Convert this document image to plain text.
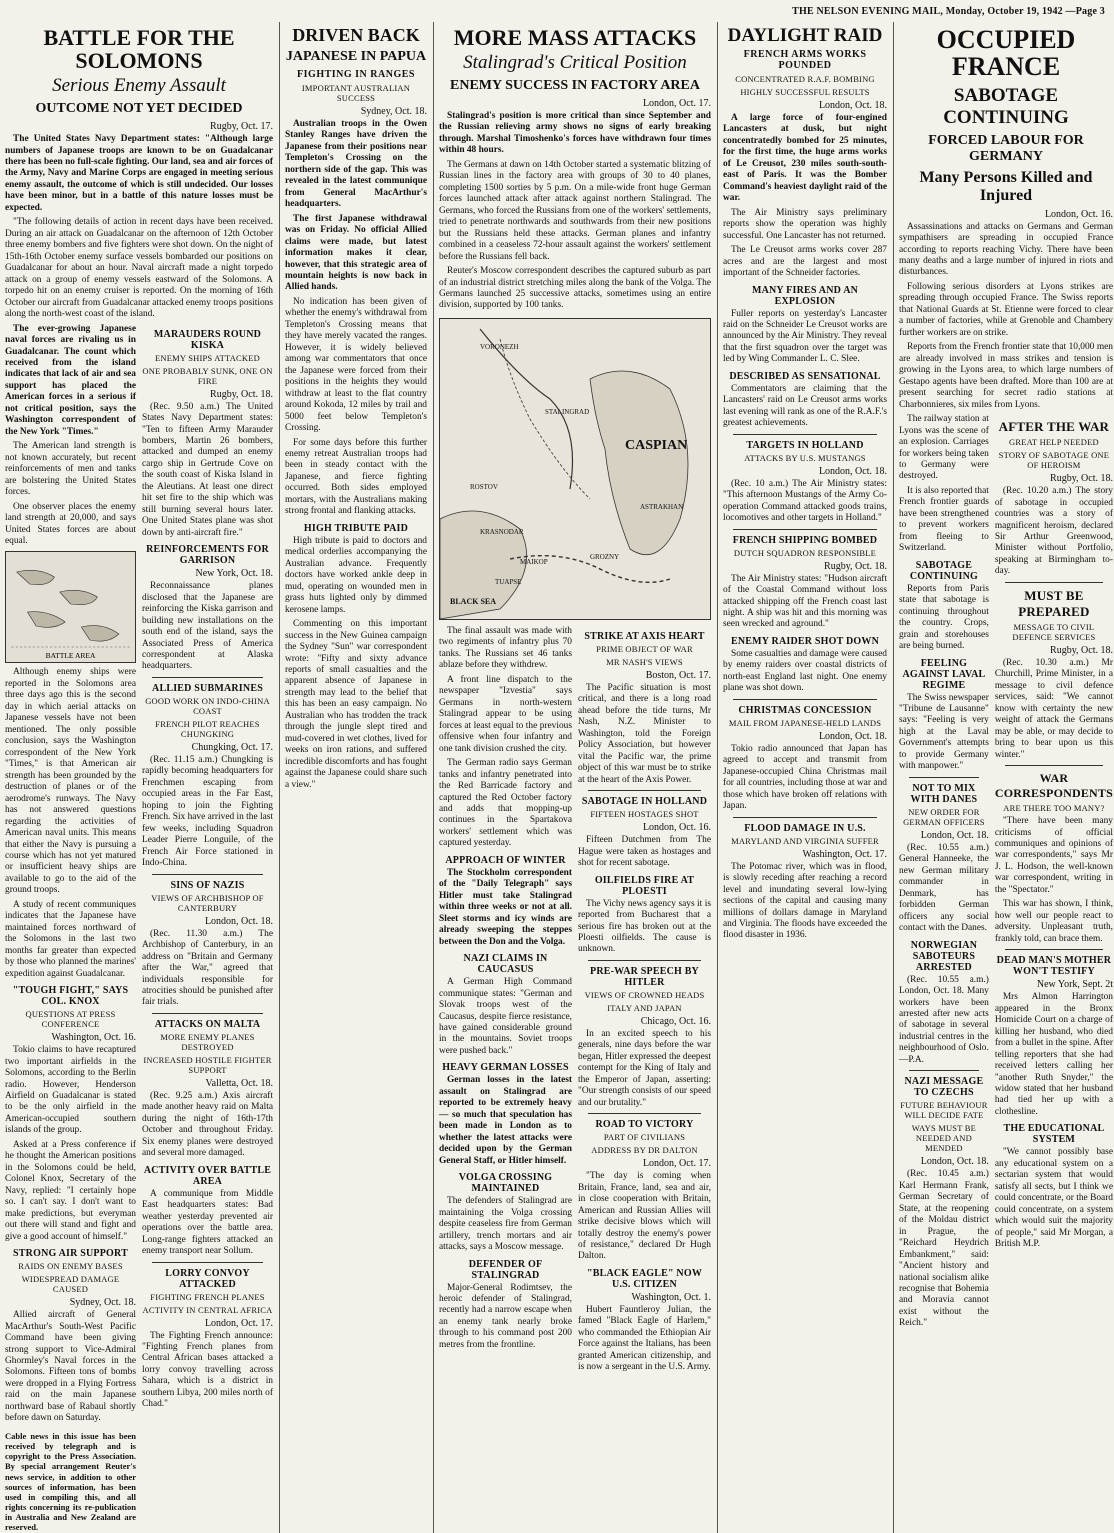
THE NELSON EVENING MAIL, Monday, October 19, 1942 —Page 3
BATTLE FOR THE SOLOMONS
Serious Enemy Assault
OUTCOME NOT YET DECIDED
Rugby, Oct. 17.

The United States Navy Department states: "Although large numbers of Japanese troops are known to be on Guadalcanar there has been no full-scale fighting. Our land, sea and air forces of the Army, Navy and Marine Corps are engaged in meeting serious enemy assault, the outcome of which is still undecided. Our losses have been minor, but in a battle of this nature losses must be expected.

"The following details of action in recent days have been received. During an air attack on Guadalcanar on the afternoon of 12th October three enemy bombers and five fighters were shot down. On the night of 15th-16th October enemy surface vessels bombarded our positions on Guadalcanar for about an hour. Naval aircraft made a night torpedo attack on a group of enemy vessels eastward of the Solomons. A torpedo hit on an enemy cruiser is reported. On the morning of 16th October our aircraft from Guadalcanar attacked enemy troops positions along the north-west coast of the island.

The ever-growing Japanese naval forces are rivaling us in Guadalcanar. The count which received from the island indicates that lack of air and sea support has placed the American forces in a serious if not critical position, says the Washington correspondent of the New York "Times."

The American land strength is not known accurately, but recent reinforcements of men and tanks are bolstering the United States forces.

One observer places the enemy land strength at 20,000, and says United States forces are about equal.

BATTLE AREA

Although enemy ships were reported in the Solomons area three days ago this is the second day in which aerial attacks on Japanese vessels have not been mentioned. The only possible conclusion, says the Washington correspondent of the New York "Times," is that American air strength has been grounded by the destruction of planes or of the aerodrome's runways. The Navy has not answered questions regarding the activities of American naval units. This means that either the Navy is pursuing a course which has not yet matured or insufficient heavy ships are available to go to the aid of the ground troops.

A study of recent communiques indicates that the Japanese have maintained forces northward of the Solomons in the last two months far greater than expected by those who planned the marines' expedition against Guadalcanar.

"TOUGH FIGHT," SAYS COL. KNOX
QUESTIONS AT PRESS CONFERENCE
Washington, Oct. 16.

Tokio claims to have recaptured two important airfields in the Solomons, according to the Berlin radio. However, Henderson Airfield on Guadalcanar is stated to be the only airfield in the American-occupied southern islands of the group.

Asked at a Press conference if he thought the American positions in the Solomons could be held, Colonel Knox, Secretary of the Navy, replied: "I certainly hope so. I can't say. I don't want to make predictions, but everyman out there will stand and fight and give a good account of himself."

STRONG AIR SUPPORT
RAIDS ON ENEMY BASES
WIDESPREAD DAMAGE CAUSED
Sydney, Oct. 18.

Allied aircraft of General MacArthur's South-West Pacific Command have been giving strong support to Vice-Admiral Ghormley's Naval forces in the Solomons. Fifteen tons of bombs were dropped in a Flying Fortress raid on the main Japanese northward base of Rabaul shortly before dawn on Saturday.

Cable news in this issue has been received by telegraph and is copyright to the Press Association. By special arrangement Reuter's news service, in addition to other sources of information, has been used in compiling this, and all rights concerning its re-publication in Australia and New Zealand are reserved.
MARAUDERS ROUND KISKA
ENEMY SHIPS ATTACKED
ONE PROBABLY SUNK, ONE ON FIRE
Rugby, Oct. 18.

(Rec. 9.50 a.m.) The United States Navy Department states: "Ten to fifteen Army Marauder bombers, Martin 26 bombers, attacked and dumped an enemy cargo ship in Gertrude Cove on the south coast of Kiska Island in the Aleutians. At least one direct hit set fire to the ship which was still burning several hours later. One United States plane was shot down by anti-aircraft fire."

REINFORCEMENTS FOR GARRISON
New York, Oct. 18.

Reconnaissance planes disclosed that the Japanese are reinforcing the Kiska garrison and building new installations on the south end of the island, says the Associated Press of America correspondent at Alaska headquarters.

ALLIED SUBMARINES
GOOD WORK ON INDO-CHINA COAST
FRENCH PILOT REACHES CHUNGKING
Chungking, Oct. 17.

(Rec. 11.15 a.m.) Chungking is rapidly becoming headquarters for Frenchmen escaping from occupied areas in the Far East, hoping to join the Fighting French. Six have arrived in the last few weeks, including Squadron Leader Pierre Longuile, of the French Air Force stationed in Indo-China.

SINS OF NAZIS
VIEWS OF ARCHBISHOP OF CANTERBURY
London, Oct. 18.

(Rec. 11.30 a.m.) The Archbishop of Canterbury, in an address on "Britain and Germany after the War," agreed that individuals responsible for atrocities should be punished after fair trials.

ATTACKS ON MALTA
MORE ENEMY PLANES DESTROYED
INCREASED HOSTILE FIGHTER SUPPORT
Valletta, Oct. 18.

(Rec. 9.25 a.m.) Axis aircraft made another heavy raid on Malta during the night of 16th-17th October and throughout Friday. Six enemy planes were destroyed and several more damaged.

ACTIVITY OVER BATTLE AREA

A communique from Middle East headquarters states: Bad weather yesterday prevented air operations over the battle area. Long-range fighters attacked an enemy transport near Sollum.

LORRY CONVOY ATTACKED
FIGHTING FRENCH PLANES
ACTIVITY IN CENTRAL AFRICA
London, Oct. 17.

The Fighting French announce: "Fighting French planes from Central African bases attacked a lorry convoy travelling across Sahara, which is a district in southern Libya, 200 miles north of Chad."

DRIVEN BACK
JAPANESE IN PAPUA
FIGHTING IN RANGES
IMPORTANT AUSTRALIAN SUCCESS
Sydney, Oct. 18.

Australian troops in the Owen Stanley Ranges have driven the Japanese from their positions near Templeton's Crossing on the northern side of the gap. This was revealed in the latest communique from General MacArthur's headquarters.

The first Japanese withdrawal was on Friday. No official Allied claims were made, but latest information makes it clear, however, that this strategic area of mountain heights is now back in Allied hands.

No indication has been given of whether the enemy's withdrawal from Templeton's Crossing means that they have merely vacated the ranges. However, it is widely believed among war commentators that once the Japanese were forced from their positions in the heights they would withdraw at least to the flat country around Kokoda, 12 miles by trail and 5000 feet below Templeton's Crossing.

For some days before this further enemy retreat Australian troops had been in steady contact with the Japanese, and fierce fighting occurred. Both sides employed mortars, with the Australians making strong frontal and flanking attacks.

HIGH TRIBUTE PAID

High tribute is paid to doctors and medical orderlies accompanying the Australian advance. Frequently doctors have worked ankle deep in mud, operating on wounded men in grass huts lighted only by dimmed kerosene lamps.

Commenting on this important success in the New Guinea campaign the Sydney "Sun" war correspondent wrote: "Fifty and sixty advance reports of small casualties and the apparent absence of Japanese in strength may lead to the belief that this has been an easy campaign. No Australian who has trodden the track through the jungle slept tired and mud-covered in wet clothes, lived for weeks on iron rations, and suffered incredible discomforts and has fought against the Japanese could share such a view."

MORE MASS ATTACKS
Stalingrad's Critical Position
ENEMY SUCCESS IN FACTORY AREA
London, Oct. 17.

Stalingrad's position is more critical than since September and the Russian relieving army shows no signs of early breaking through. Marshal Timoshenko's forces have withdrawn four times within 48 hours.

The Germans at dawn on 14th October started a systematic blitzing of Russian lines in the factory area with groups of 30 to 40 planes, completing 1500 sorties by 5 p.m. On a mile-wide front huge German forces launched attack after attack against northern Stalingrad. The Germans, who forced the Russians from one of the workers' settlements, tried to penetrate northwards and southwards from their new positions but the Russians held these attacks. German planes and infantry combined in a ceaseless 72-hour assault against the workers' settlement before the Russians fell back.

Reuter's Moscow correspondent describes the captured suburb as part of an industrial district stretching miles along the bank of the Volga. The Germans launched 25 successive attacks, sometimes using an entire division, supported by 100 tanks.

CASPIAN
VORONEZH
STALINGRAD
ROSTOV
KRASNODAR
ASTRAKHAN
MAIKOP
GROZNY
TUAPSE
BLACK SEA

The final assault was made with two regiments of infantry plus 70 tanks. The Russians set 46 tanks ablaze before they withdrew.

A front line dispatch to the newspaper "Izvestia" says Germans in north-western Stalingrad appear to be using forces at least equal to the previous offensive when four infantry and one tank division crushed the city.

The German radio says German tanks and infantry penetrated into the Red Barricade factory and captured the Red October factory and adds that mopping-up continues in the Spartakova workers' settlement which was captured yesterday.

APPROACH OF WINTER

The Stockholm correspondent of the "Daily Telegraph" says Hitler must take Stalingrad within three weeks or not at all. Sleet storms and icy winds are already sweeping the steppes between the Don and the Volga.

NAZI CLAIMS IN CAUCASUS

A German High Command communique states: "German and Slovak troops west of the Caucasus, despite fierce resistance, have gained considerable ground in the mountains. Soviet troops were pushed back."

HEAVY GERMAN LOSSES

German losses in the latest assault on Stalingrad are reported to be extremely heavy — so much that speculation has been made in London as to whether the latest attacks were decided upon by the German General Staff, or Hitler himself.

VOLGA CROSSING MAINTAINED

The defenders of Stalingrad are maintaining the Volga crossing despite ceaseless fire from German artillery, trench mortars and air attacks, says a Moscow message.

DEFENDER OF STALINGRAD

Major-General Rodimtsev, the heroic defender of Stalingrad, recently had a narrow escape when an enemy tank nearly broke through to his command post 200 metres from the frontline.

STRIKE AT AXIS HEART
PRIME OBJECT OF WAR
MR NASH'S VIEWS
Boston, Oct. 17.

The Pacific situation is most critical, and there is a long road ahead before the tide turns, Mr Nash, N.Z. Minister to Washington, told the Foreign Policy Association, but however vital the Pacific war, the prime object of this war must be to strike at the heart of the Axis Power.

SABOTAGE IN HOLLAND
FIFTEEN HOSTAGES SHOT
London, Oct. 16.

Fifteen Dutchmen from The Hague were taken as hostages and shot for recent sabotage.

OILFIELDS FIRE AT PLOESTI

The Vichy news agency says it is reported from Bucharest that a serious fire has broken out at the Ploesti oilfields. The cause is unknown.

PRE-WAR SPEECH BY HITLER
VIEWS OF CROWNED HEADS
ITALY AND JAPAN
Chicago, Oct. 16.

In an excited speech to his generals, nine days before the war began, Hitler expressed the deepest contempt for the King of Italy and the Emperor of Japan, asserting: "Our strength consists of our speed and our brutality."

ROAD TO VICTORY
PART OF CIVILIANS
ADDRESS BY DR DALTON
London, Oct. 17.

"The day is coming when Britain, France, land, sea and air, in close cooperation with Britain, American and Russian Allies will strike decisive blows which will totally destroy the enemy's power of resistance," declared Dr Hugh Dalton.

"BLACK EAGLE" NOW U.S. CITIZEN
Washington, Oct. 1.

Hubert Fauntleroy Julian, the famed "Black Eagle of Harlem," who commanded the Ethiopian Air Force against the Italians, has been granted American citizenship, and is now a sergeant in the U.S. Army.

DAYLIGHT RAID
FRENCH ARMS WORKS POUNDED
CONCENTRATED R.A.F. BOMBING
HIGHLY SUCCESSFUL RESULTS
London, Oct. 18.

A large force of four-engined Lancasters at dusk, but night concentratedly bombed for 25 minutes, for the first time, the huge arms works of Le Creusot, 230 miles south-south-east of Paris. It was the Bomber Command's heaviest daylight raid of the war.

The Air Ministry says preliminary reports show the operation was highly successful. One Lancaster has not returned.

The Le Creusot arms works cover 287 acres and are the largest and most important of the Schneider factories.

MANY FIRES AND AN EXPLOSION

Fuller reports on yesterday's Lancaster raid on the Schneider Le Creusot works are announced by the Air Ministry. They reveal that the first squadron over the target was led by Wing Commander L. C. Slee.

DESCRIBED AS SENSATIONAL

Commentators are claiming that the Lancasters' raid on Le Creusot arms works last evening will rank as one of the R.A.F.'s greatest achievements.

TARGETS IN HOLLAND
ATTACKS BY U.S. MUSTANGS
London, Oct. 18.

(Rec. 10 a.m.) The Air Ministry states: "This afternoon Mustangs of the Army Co-operation Command attacked goods trains, locomotives and other targets in Holland."

FRENCH SHIPPING BOMBED
DUTCH SQUADRON RESPONSIBLE
Rugby, Oct. 18.

The Air Ministry states: "Hudson aircraft of the Coastal Command without loss attacked shipping off the French coast last night. A ship was hit and this morning was seen wrecked and aground."

ENEMY RAIDER SHOT DOWN

Some casualties and damage were caused by enemy raiders over coastal districts of north-east England last night. One enemy plane was shot down.

CHRISTMAS CONCESSION
MAIL FROM JAPANESE-HELD LANDS
London, Oct. 18.

Tokio radio announced that Japan has agreed to accept and transmit from Japanese-occupied China Christmas mail for all countries, including those at war and those which have broken off relations with Japan.

FLOOD DAMAGE IN U.S.
MARYLAND AND VIRGINIA SUFFER
Washington, Oct. 17.

The Potomac river, which was in flood, is slowly receding after reaching a record level and inundating several low-lying sections of the capital and causing many millions of dollars damage in Maryland and Virginia. The floods have exceeded the flood disaster in 1936.

OCCUPIED FRANCE
SABOTAGE CONTINUING
FORCED LABOUR FOR GERMANY
Many Persons Killed and Injured
London, Oct. 16.

Assassinations and attacks on Germans and German sympathisers are spreading in occupied France according to reports reaching Vichy. There have been many deaths and a large number of injured in riots and disturbances.

Following serious disorders at Lyons strikes are spreading through occupied France. The Swiss reports that National Guards at St. Etienne were forced to clear a number of factories, while at Grenoble and Chambery further workers are on strike.

Reports from the French frontier state that 10,000 men are already involved in mass strikes and tension is growing in the Lyons area, to which large numbers of Gestapo agents have been drafted. More than 100 are at present searching for secret radio stations at Charbonnieres, six miles from Lyons.

The railway station at Lyons was the scene of an explosion. Carriages for workers being taken to Germany were destroyed.

It is also reported that French frontier guards have been strengthened to prevent workers from fleeing to Switzerland.

SABOTAGE CONTINUING

Reports from Paris state that sabotage is continuing throughout the country. Crops, grain and storehouses are being burned.

FEELING AGAINST LAVAL REGIME

The Swiss newspaper "Tribune de Lausanne" says: "Feeling is very high at the Laval Government's attempts to provide Germany with manpower."

NOT TO MIX WITH DANES
NEW ORDER FOR GERMAN OFFICERS
London, Oct. 18.

(Rec. 10.55 a.m.) General Hanneeke, the new German military commander in Denmark, has forbidden German officers any social contact with the Danes.

NORWEGIAN SABOTEURS ARRESTED

(Rec. 10.55 a.m.) London, Oct. 18. Many workers have been arrested after new acts of sabotage in several industrial centres in the neighbourhood of Oslo.—P.A.

NAZI MESSAGE TO CZECHS
FUTURE BEHAVIOUR WILL DECIDE FATE
WAYS MUST BE NEEDED AND MENDED
London, Oct. 18.

(Rec. 10.45 a.m.) Karl Hermann Frank, German Secretary of State, at the reopening of the Moldau district in Prague, the "Reichard Heydrich Embankment," said: "Ancient history and national socialism alike recognise that Bohemia and Moravia cannot exist without the Reich."

AFTER THE WAR
GREAT HELP NEEDED
STORY OF SABOTAGE ONE OF HEROISM
Rugby, Oct. 18.

(Rec. 10.20 a.m.) The story of sabotage in occupied countries was a story of magnificent heroism, declared Sir Arthur Greenwood, Minister without Portfolio, speaking at Birmingham to-day.

MUST BE PREPARED
MESSAGE TO CIVIL DEFENCE SERVICES
Rugby, Oct. 18.

(Rec. 10.30 a.m.) Mr Churchill, Prime Minister, in a message to civil defence services, said: "We cannot know with certainty the new weight of attack the Germans may be able, or may decide to bring to bear upon us this winter."

WAR CORRESPONDENTS
ARE THERE TOO MANY?

"There have been many criticisms of official communiques and opinions of war correspondents," says Mr J. L. Hodson, the well-known war correspondent, writing in the "Spectator."

This war has shown, I think, how well our people react to adversity. Unpleasant truth, frankly told, can brace them.

DEAD MAN'S MOTHER WON'T TESTIFY
New York, Sept. 2t

Mrs Almon Harrington appeared in the Bronx Homicide Court on a charge of killing her husband, who died from a bullet in the spine. After telling reporters that she had received letters calling her "another Ruth Snyder," the widow stated that her husband had tied her up with a clothesline.

THE EDUCATIONAL SYSTEM

"We cannot possibly base any educational system on a sectarian system that would satisfy all sects, but I think we could concentrate, or the Board could concentrate, on a system which would suit the majority of people," said Mr Morgan, a British M.P.
